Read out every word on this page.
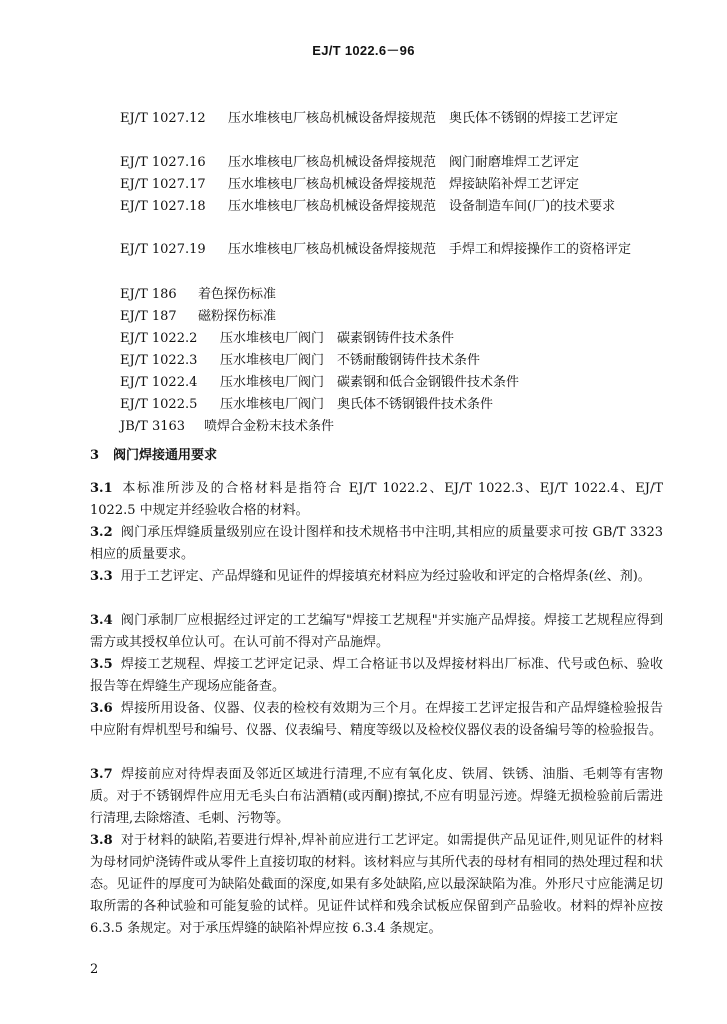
EJ/T 1022.6－96
EJ/T 1027.12 压水堆核电厂核岛机械设备焊接规范　奥氏体不锈钢的焊接工艺评定
EJ/T 1027.16 压水堆核电厂核岛机械设备焊接规范　阀门耐磨堆焊工艺评定
EJ/T 1027.17 压水堆核电厂核岛机械设备焊接规范　焊接缺陷补焊工艺评定
EJ/T 1027.18 压水堆核电厂核岛机械设备焊接规范　设备制造车间(厂)的技术要求
EJ/T 1027.19 压水堆核电厂核岛机械设备焊接规范　手焊工和焊接操作工的资格评定
EJ/T 186 着色探伤标准
EJ/T 187 磁粉探伤标准
EJ/T 1022.2 压水堆核电厂阀门　碳素钢铸件技术条件
EJ/T 1022.3 压水堆核电厂阀门　不锈耐酸钢铸件技术条件
EJ/T 1022.4 压水堆核电厂阀门　碳素钢和低合金钢锻件技术条件
EJ/T 1022.5 压水堆核电厂阀门　奥氏体不锈钢锻件技术条件
JB/T 3163 喷焊合金粉末技术条件
3 阀门焊接通用要求
3.1 本标准所涉及的合格材料是指符合 EJ/T 1022.2、EJ/T 1022.3、EJ/T 1022.4、EJ/T 1022.5 中规定并经验收合格的材料。
3.2 阀门承压焊缝质量级别应在设计图样和技术规格书中注明,其相应的质量要求可按 GB/T 3323 相应的质量要求。
3.3 用于工艺评定、产品焊缝和见证件的焊接填充材料应为经过验收和评定的合格焊条(丝、剂)。
3.4 阀门承制厂应根据经过评定的工艺编写"焊接工艺规程"并实施产品焊接。焊接工艺规程应得到需方或其授权单位认可。在认可前不得对产品施焊。
3.5 焊接工艺规程、焊接工艺评定记录、焊工合格证书以及焊接材料出厂标准、代号或色标、验收报告等在焊缝生产现场应能备查。
3.6 焊接所用设备、仪器、仪表的检校有效期为三个月。在焊接工艺评定报告和产品焊缝检验报告中应附有焊机型号和编号、仪器、仪表编号、精度等级以及检校仪器仪表的设备编号等的检验报告。
3.7 焊接前应对待焊表面及邻近区域进行清理,不应有氧化皮、铁屑、铁锈、油脂、毛刺等有害物质。对于不锈钢焊件应用无毛头白布沾酒精(或丙酮)擦拭,不应有明显污迹。焊缝无损检验前后需进行清理,去除熔渣、毛刺、污物等。
3.8 对于材料的缺陷,若要进行焊补,焊补前应进行工艺评定。如需提供产品见证件,则见证件的材料为母材同炉浇铸件或从零件上直接切取的材料。该材料应与其所代表的母材有相同的热处理过程和状态。见证件的厚度可为缺陷处截面的深度,如果有多处缺陷,应以最深缺陷为准。外形尺寸应能满足切取所需的各种试验和可能复验的试样。见证件试样和残余试板应保留到产品验收。材料的焊补应按 6.3.5 条规定。对于承压焊缝的缺陷补焊应按 6.3.4 条规定。
2
